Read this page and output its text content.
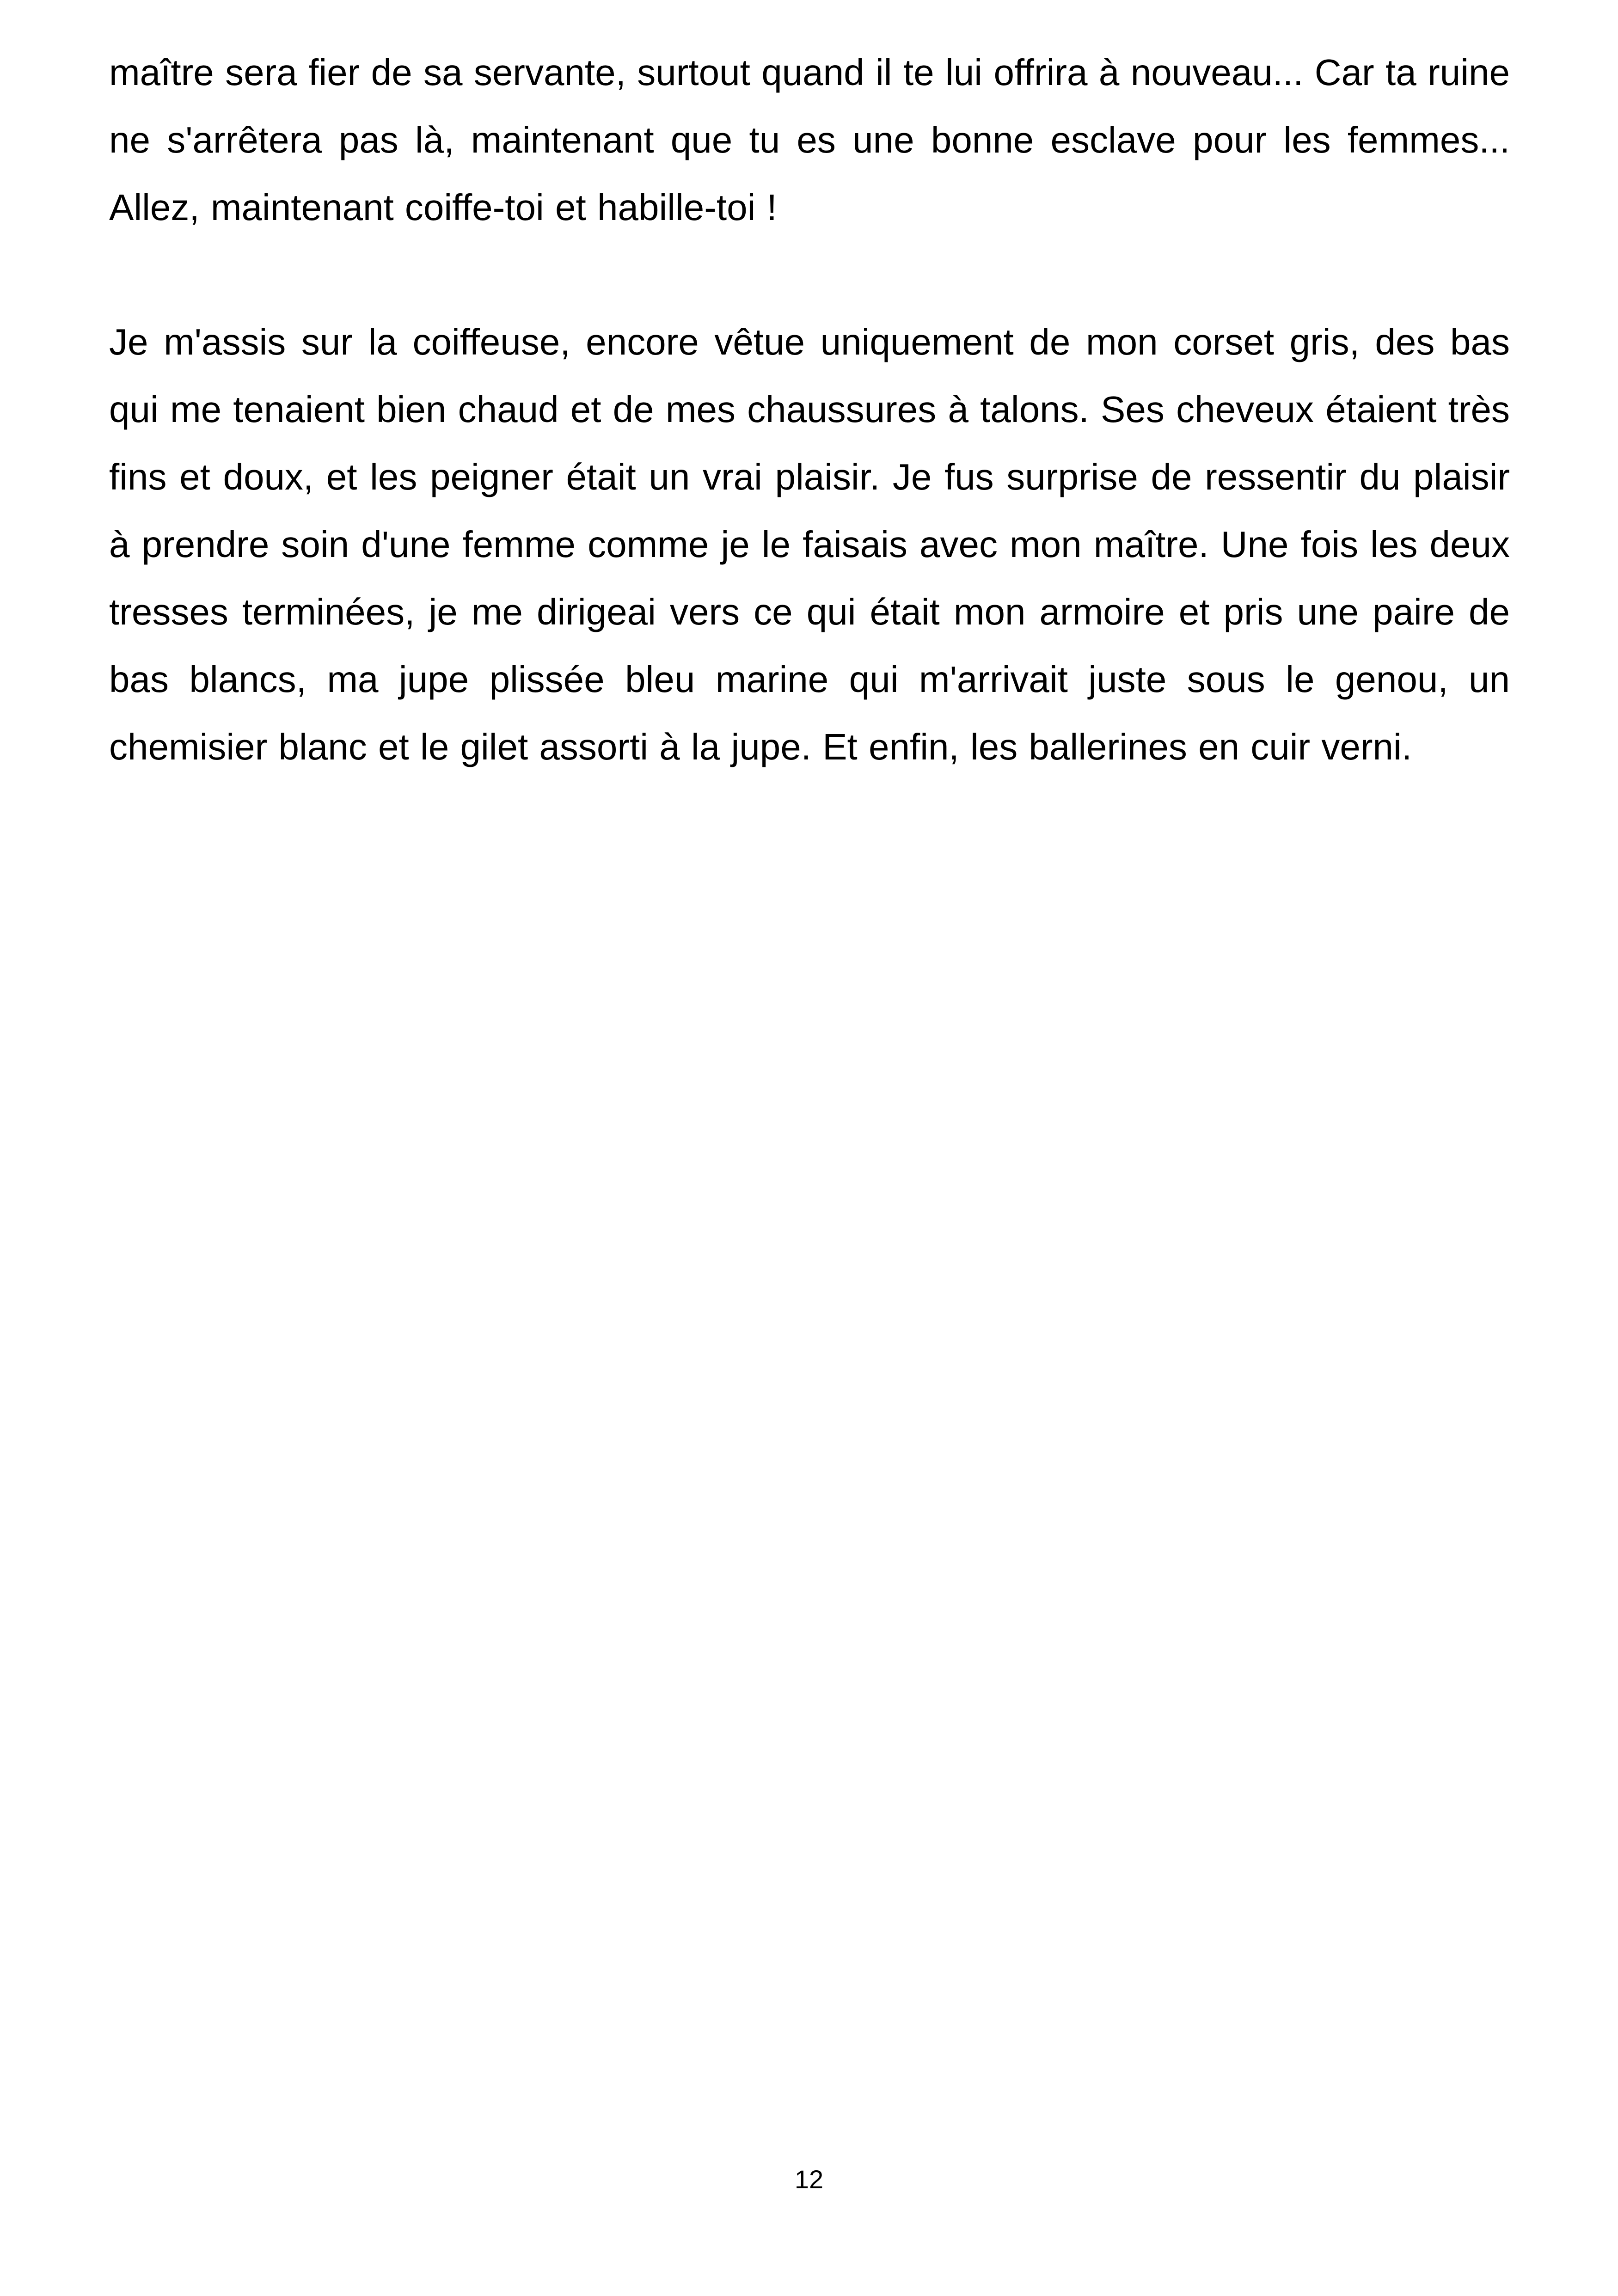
maître sera fier de sa servante, surtout quand il te lui offrira à nouveau... Car ta ruine ne s'arrêtera pas là, maintenant que tu es une bonne esclave pour les femmes... Allez, maintenant coiffe-toi et habille-toi !

Je m'assis sur la coiffeuse, encore vêtue uniquement de mon corset gris, des bas qui me tenaient bien chaud et de mes chaussures à talons. Ses cheveux étaient très fins et doux, et les peigner était un vrai plaisir. Je fus surprise de ressentir du plaisir à prendre soin d'une femme comme je le faisais avec mon maître. Une fois les deux tresses terminées, je me dirigeai vers ce qui était mon armoire et pris une paire de bas blancs, ma jupe plissée bleu marine qui m'arrivait juste sous le genou, un chemisier blanc et le gilet assorti à la jupe. Et enfin, les ballerines en cuir verni.

12
